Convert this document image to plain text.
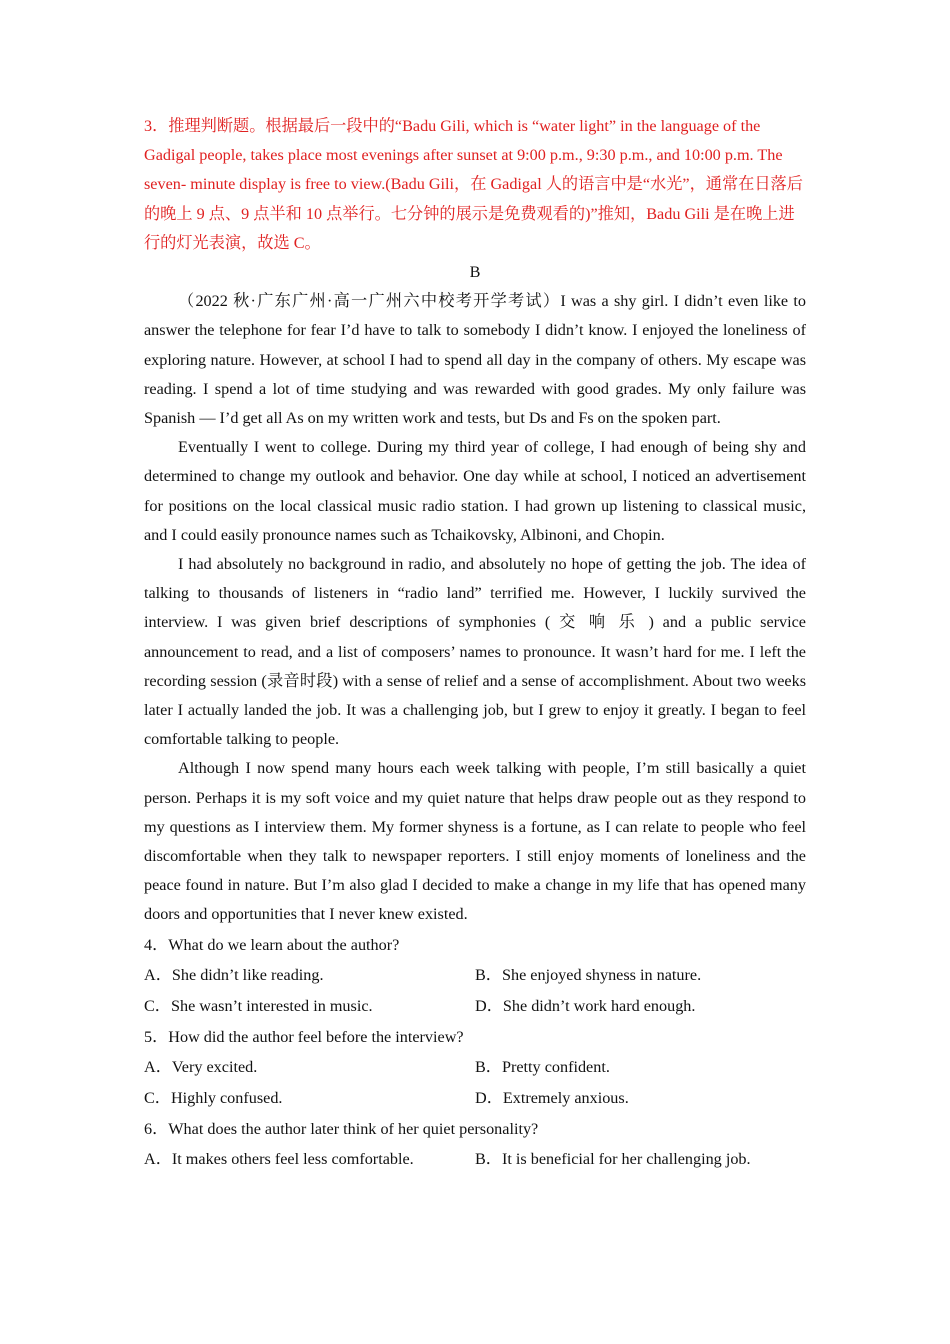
3．推理判断题。根据最后一段中的“Badu Gili, which is “water light” in the language of the Gadigal people, takes place most evenings after sunset at 9:00 p.m., 9:30 p.m., and 10:00 p.m. The seven- minute display is free to view.(Badu Gili，在 Gadigal 人的语言中是“水光”，通常在日落后的晚上 9 点、9 点半和 10 点举行。七分钟的展示是免费观看的)”推知，Badu Gili 是在晚上进行的灯光表演，故选 C。

B

（2022 秋·广东广州·高一广州六中校考开学考试）I was a shy girl. I didn’t even like to answer the telephone for fear I’d have to talk to somebody I didn’t know. I enjoyed the loneliness of exploring nature. However, at school I had to spend all day in the company of others. My escape was reading. I spend a lot of time studying and was rewarded with good grades. My only failure was Spanish — I’d get all As on my written work and tests, but Ds and Fs on the spoken part.

Eventually I went to college. During my third year of college, I had enough of being shy and determined to change my outlook and behavior. One day while at school, I noticed an advertisement for positions on the local classical music radio station. I had grown up listening to classical music, and I could easily pronounce names such as Tchaikovsky, Albinoni, and Chopin.

I had absolutely no background in radio, and absolutely no hope of getting the job. The idea of talking to thousands of listeners in “radio land” terrified me. However, I luckily survived the interview. I was given brief descriptions of symphonies ( 交 响 乐 ) and a public service announcement to read, and a list of composers’ names to pronounce. It wasn’t hard for me. I left the recording session (录音时段) with a sense of relief and a sense of accomplishment. About two weeks later I actually landed the job. It was a challenging job, but I grew to enjoy it greatly. I began to feel comfortable talking to people.

Although I now spend many hours each week talking with people, I’m still basically a quiet person. Perhaps it is my soft voice and my quiet nature that helps draw people out as they respond to my questions as I interview them. My former shyness is a fortune, as I can relate to people who feel discomfortable when they talk to newspaper reporters. I still enjoy moments of loneliness and the peace found in nature. But I’m also glad I decided to make a change in my life that has opened many doors and opportunities that I never knew existed.

4．What do we learn about the author?

A．She didn’t like reading.	B．She enjoyed shyness in nature.
C．She wasn’t interested in music.	D．She didn’t work hard enough.

5．How did the author feel before the interview?

A．Very excited.	B．Pretty confident.
C．Highly confused.	D．Extremely anxious.

6．What does the author later think of her quiet personality?

A．It makes others feel less comfortable.	B．It is beneficial for her challenging job.
